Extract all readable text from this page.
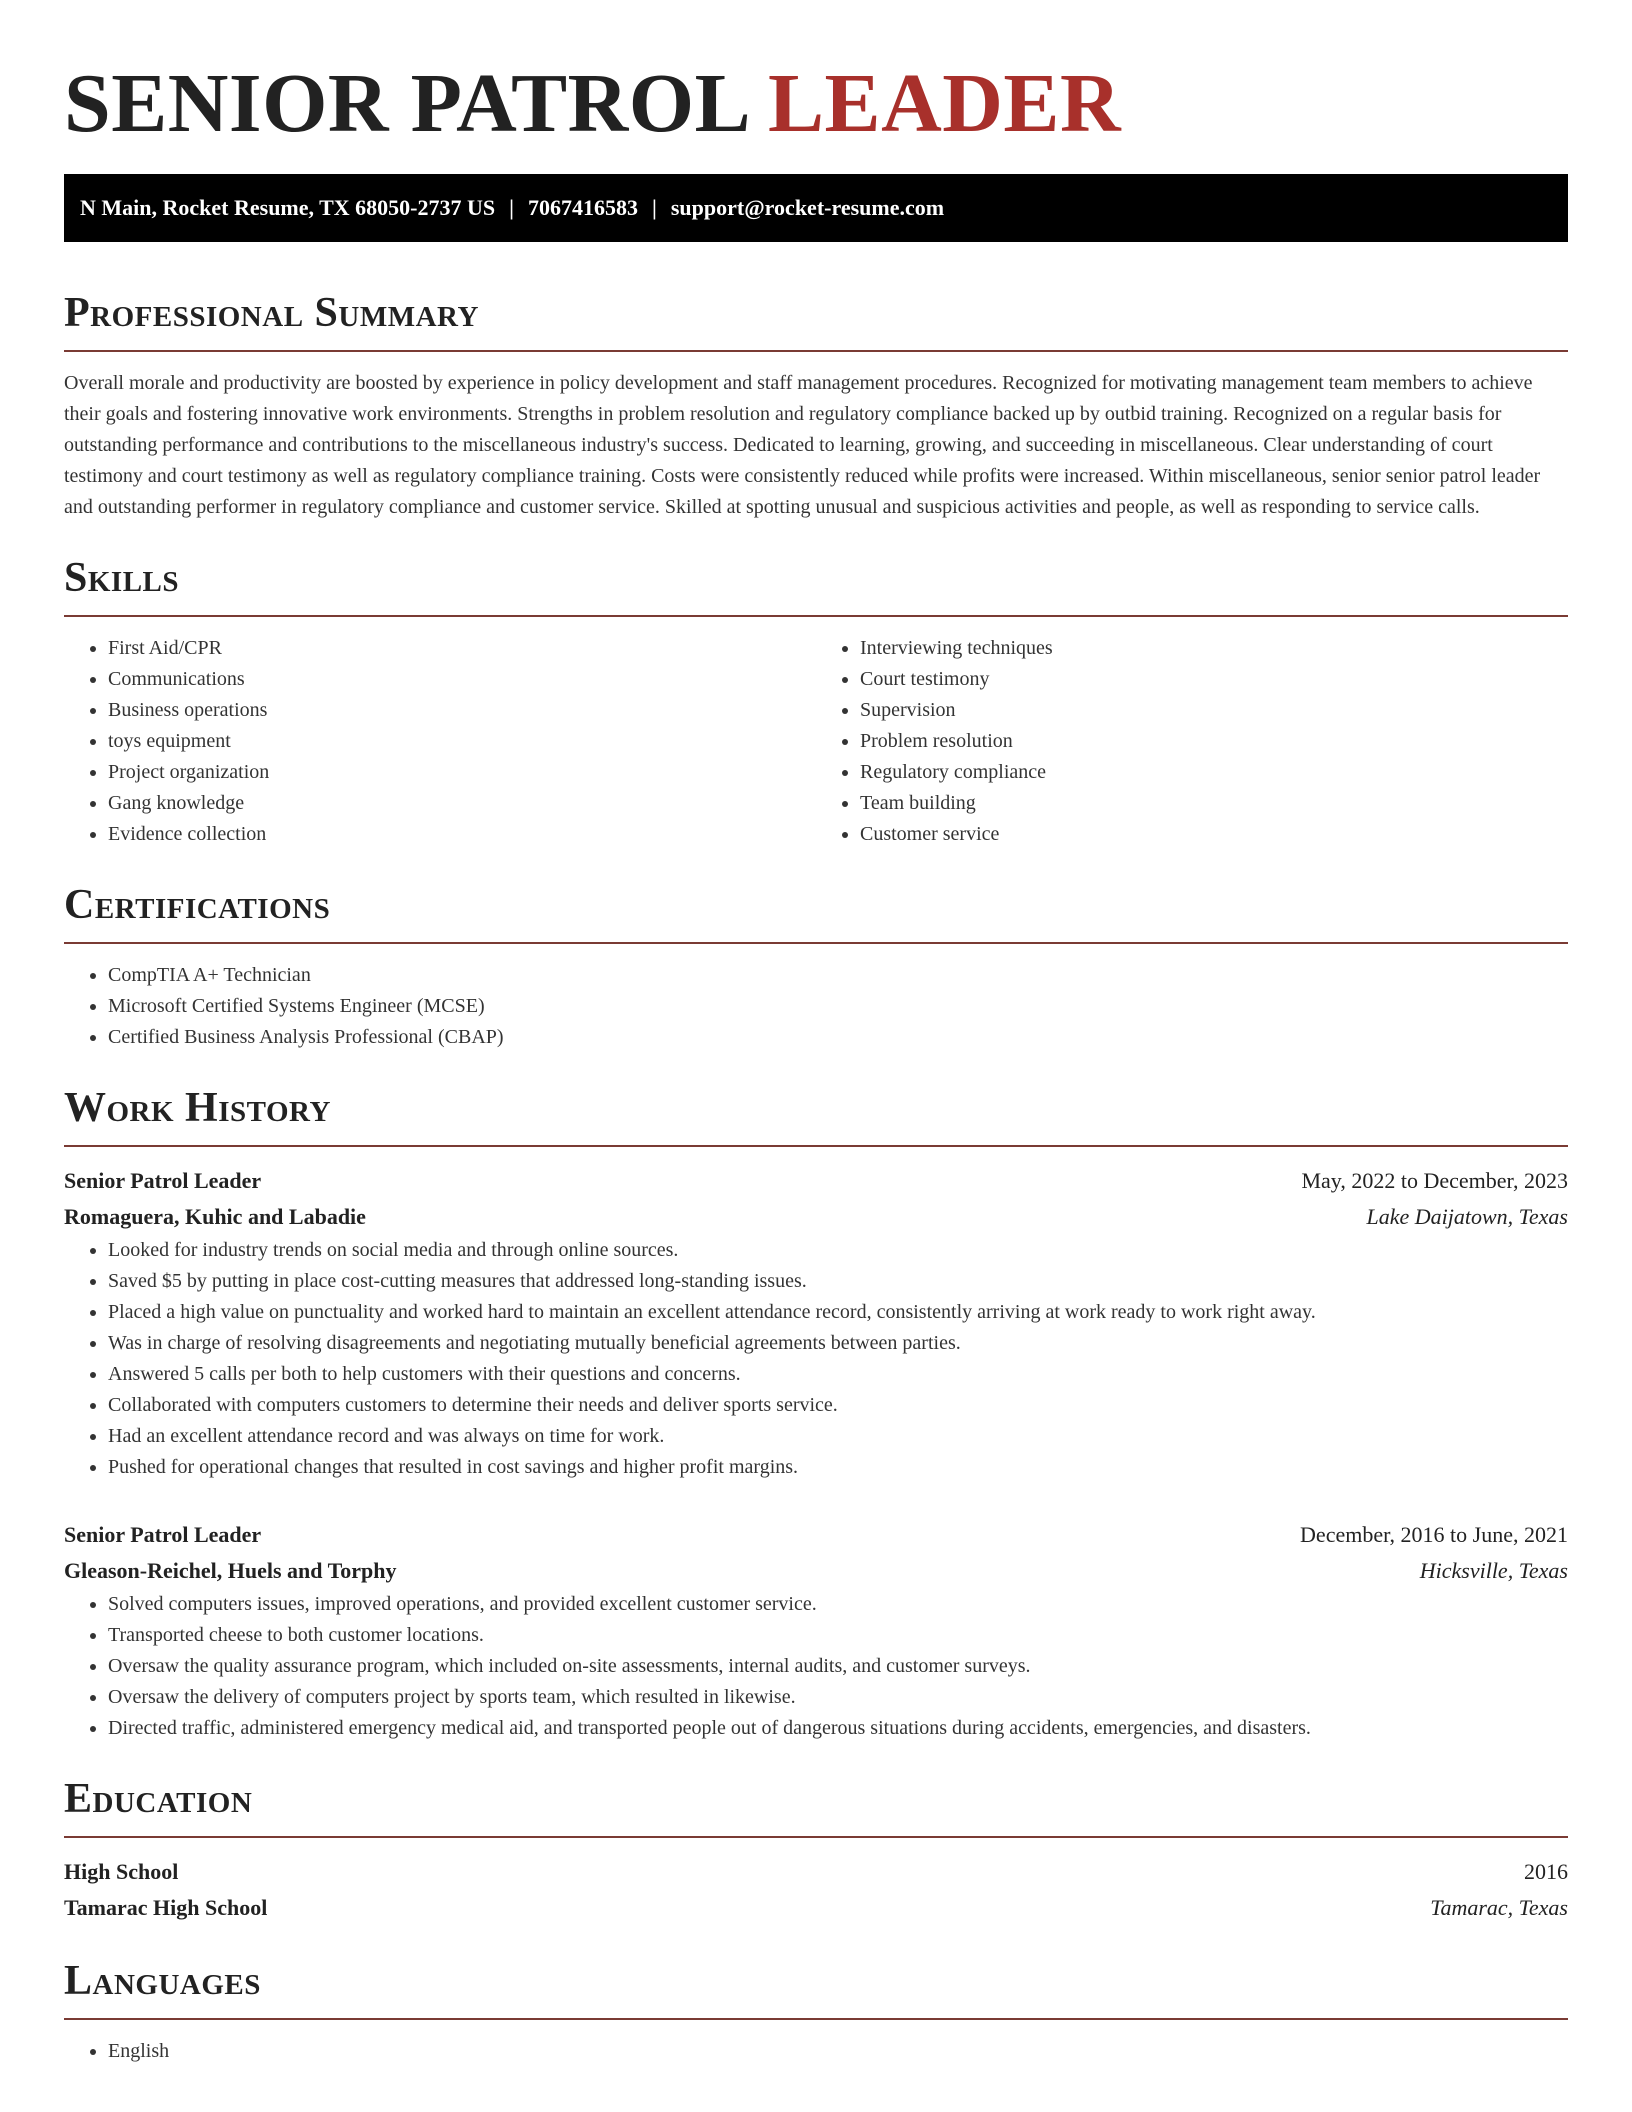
SENIOR PATROL LEADER
N Main, Rocket Resume, TX 68050-2737 US | 7067416583 | support@rocket-resume.com
Professional Summary

Overall morale and productivity are boosted by experience in policy development and staff management procedures. Recognized for motivating management team members to achieve their goals and fostering innovative work environments. Strengths in problem resolution and regulatory compliance backed up by outbid training. Recognized on a regular basis for outstanding performance and contributions to the miscellaneous industry's success. Dedicated to learning, growing, and succeeding in miscellaneous. Clear understanding of court testimony and court testimony as well as regulatory compliance training. Costs were consistently reduced while profits were increased. Within miscellaneous, senior senior patrol leader and outstanding performer in regulatory compliance and customer service. Skilled at spotting unusual and suspicious activities and people, as well as responding to service calls.

Skills
• First Aid/CPR
• Communications
• Business operations
• toys equipment
• Project organization
• Gang knowledge
• Evidence collection
• Interviewing techniques
• Court testimony
• Supervision
• Problem resolution
• Regulatory compliance
• Team building
• Customer service
Certifications
• CompTIA A+ Technician
• Microsoft Certified Systems Engineer (MCSE)
• Certified Business Analysis Professional (CBAP)
Work History
Senior Patrol Leader	May, 2022 to December, 2023
Romaguera, Kuhic and Labadie	Lake Daijatown, Texas
• Looked for industry trends on social media and through online sources.
• Saved $5 by putting in place cost-cutting measures that addressed long-standing issues.
• Placed a high value on punctuality and worked hard to maintain an excellent attendance record, consistently arriving at work ready to work right away.
• Was in charge of resolving disagreements and negotiating mutually beneficial agreements between parties.
• Answered 5 calls per both to help customers with their questions and concerns.
• Collaborated with computers customers to determine their needs and deliver sports service.
• Had an excellent attendance record and was always on time for work.
• Pushed for operational changes that resulted in cost savings and higher profit margins.
Senior Patrol Leader	December, 2016 to June, 2021
Gleason-Reichel, Huels and Torphy	Hicksville, Texas
• Solved computers issues, improved operations, and provided excellent customer service.
• Transported cheese to both customer locations.
• Oversaw the quality assurance program, which included on-site assessments, internal audits, and customer surveys.
• Oversaw the delivery of computers project by sports team, which resulted in likewise.
• Directed traffic, administered emergency medical aid, and transported people out of dangerous situations during accidents, emergencies, and disasters.
Education
High School	2016
Tamarac High School	Tamarac, Texas
Languages
• English
